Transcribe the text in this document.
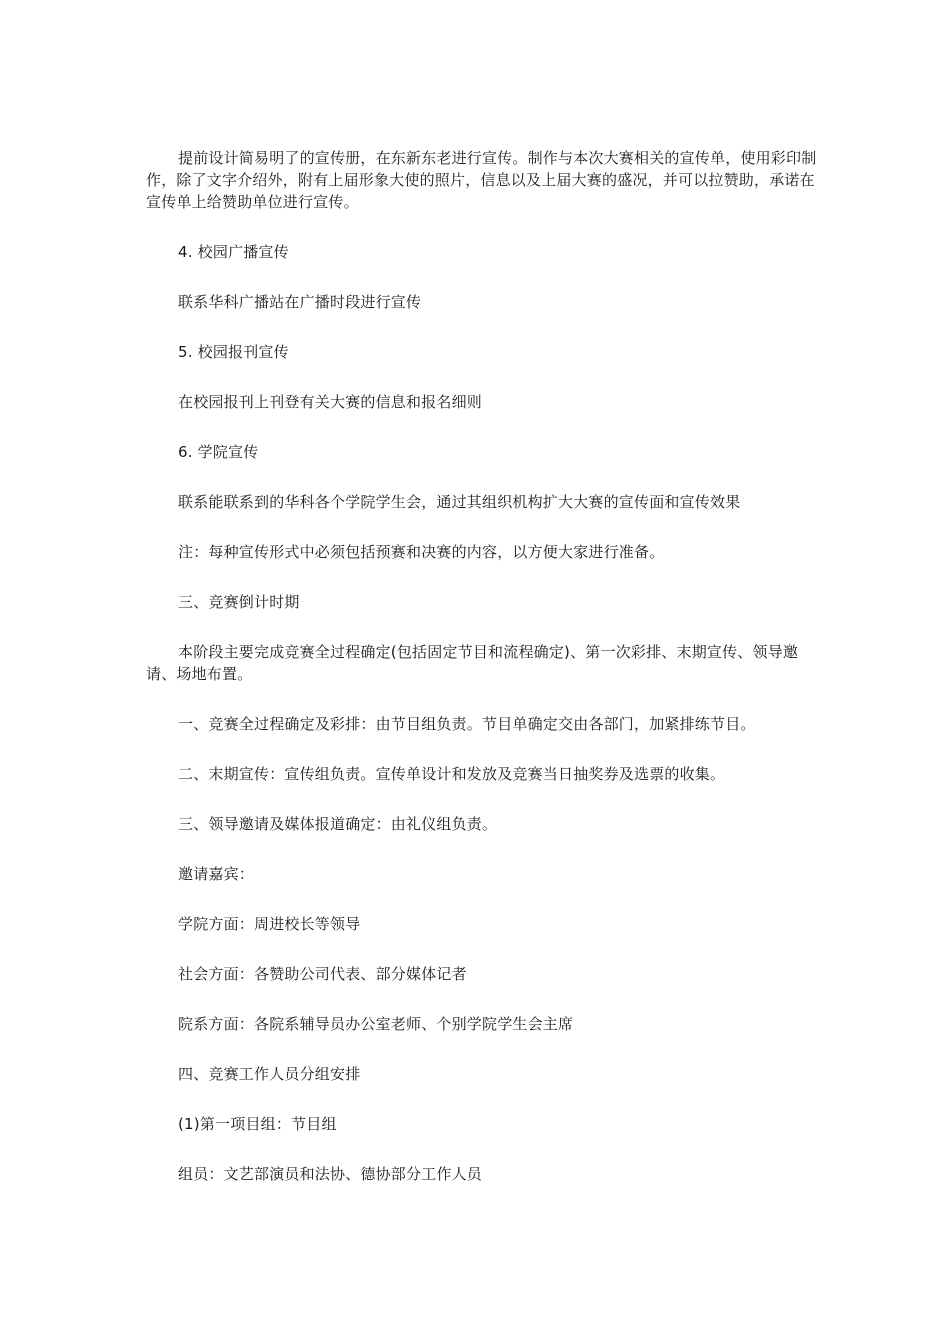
提前设计简易明了的宣传册，在东新东老进行宣传。制作与本次大赛相关的宣传单，使用彩印制作，除了文字介绍外，附有上届形象大使的照片，信息以及上届大赛的盛况，并可以拉赞助，承诺在宣传单上给赞助单位进行宣传。

4. 校园广播宣传

联系华科广播站在广播时段进行宣传

5. 校园报刊宣传

在校园报刊上刊登有关大赛的信息和报名细则

6. 学院宣传

联系能联系到的华科各个学院学生会，通过其组织机构扩大大赛的宣传面和宣传效果

注：每种宣传形式中必须包括预赛和决赛的内容，以方便大家进行准备。

三、竞赛倒计时期

本阶段主要完成竞赛全过程确定(包括固定节目和流程确定)、第一次彩排、末期宣传、领导邀请、场地布置。

一、竞赛全过程确定及彩排：由节目组负责。节目单确定交由各部门，加紧排练节目。

二、末期宣传：宣传组负责。宣传单设计和发放及竞赛当日抽奖券及选票的收集。

三、领导邀请及媒体报道确定：由礼仪组负责。

邀请嘉宾：

学院方面：周进校长等领导

社会方面：各赞助公司代表、部分媒体记者

院系方面：各院系辅导员办公室老师、个别学院学生会主席

四、竞赛工作人员分组安排

(1)第一项目组：节目组

组员：文艺部演员和法协、德协部分工作人员
